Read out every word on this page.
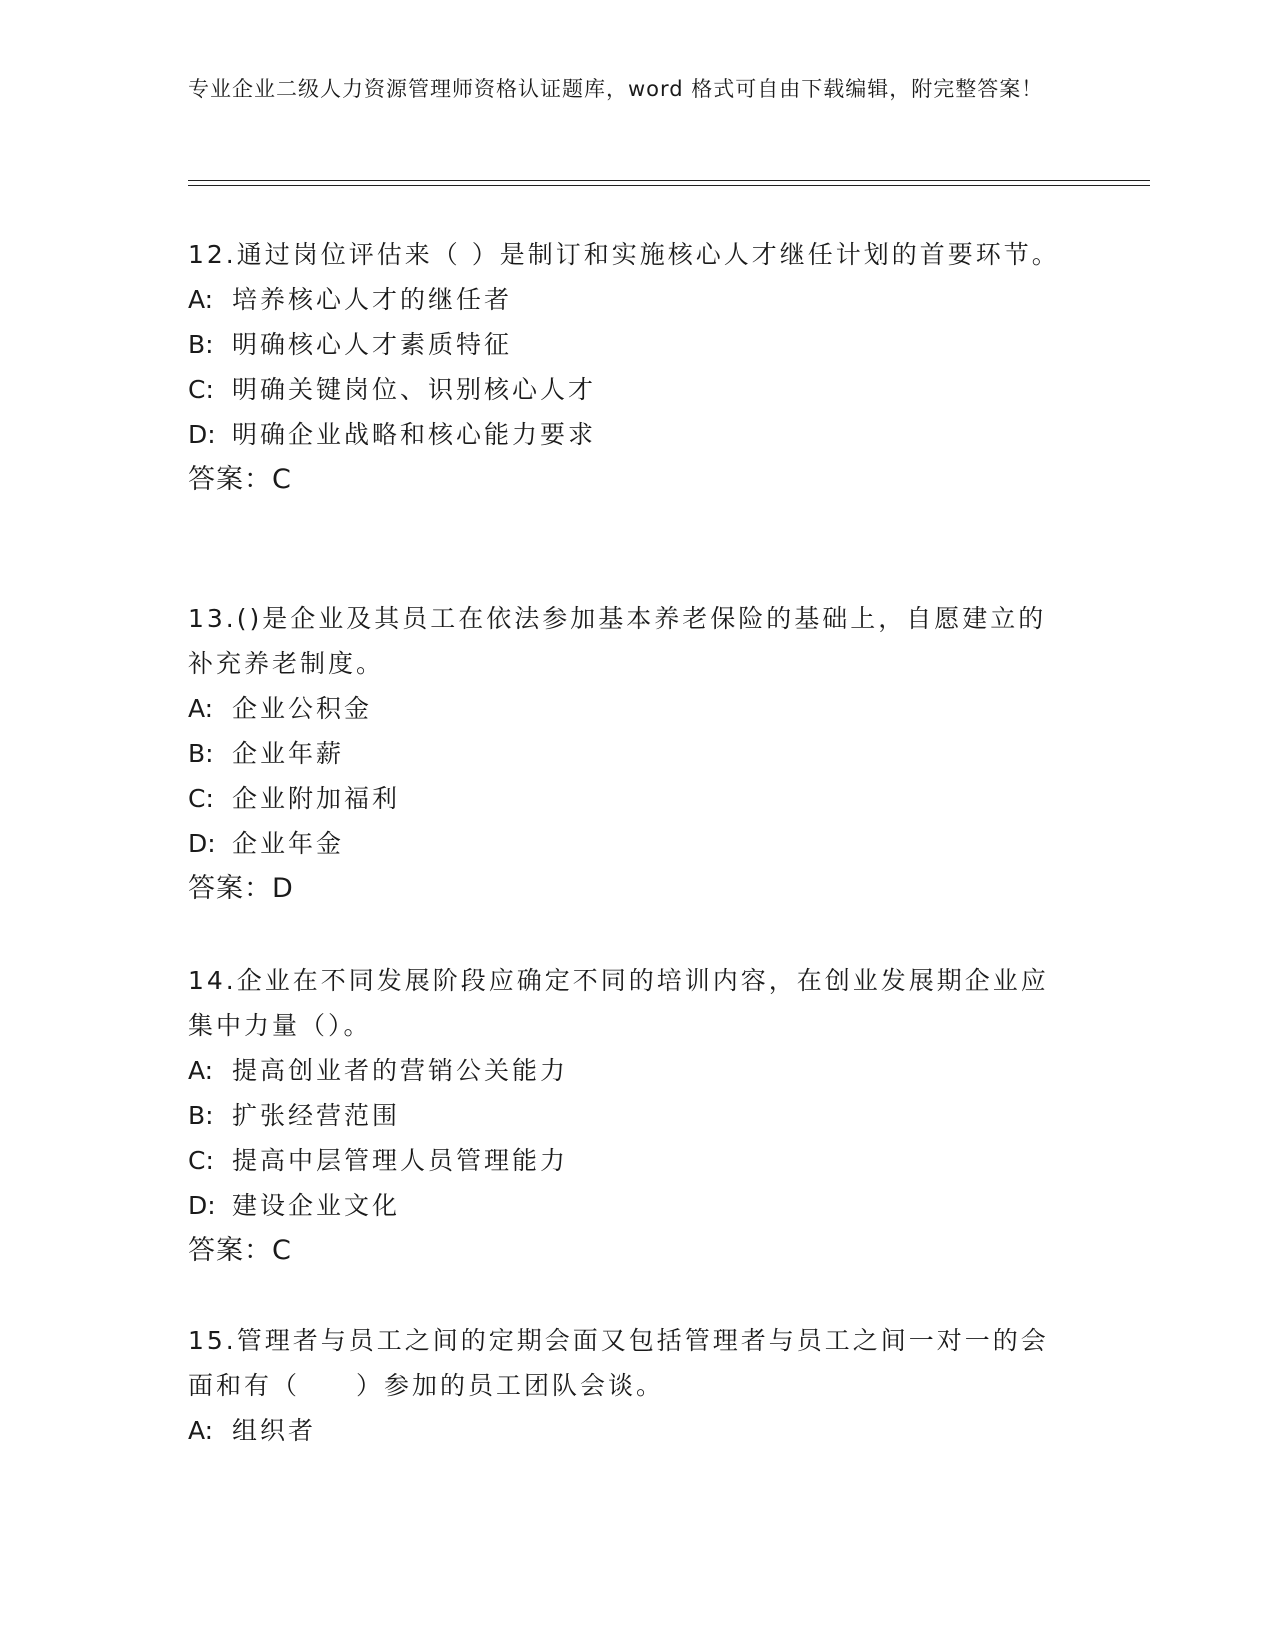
专业企业二级人力资源管理师资格认证题库，word 格式可自由下载编辑，附完整答案！

12.通过岗位评估来（ ）是制订和实施核心人才继任计划的首要环节。

A: 培养核心人才的继任者

B: 明确核心人才素质特征

C: 明确关键岗位、识别核心人才

D: 明确企业战略和核心能力要求

答案：C

13.()是企业及其员工在依法参加基本养老保险的基础上，自愿建立的补充养老制度。

A: 企业公积金

B: 企业年薪

C: 企业附加福利

D: 企业年金

答案：D

14.企业在不同发展阶段应确定不同的培训内容，在创业发展期企业应集中力量（）。

A: 提高创业者的营销公关能力

B: 扩张经营范围

C: 提高中层管理人员管理能力

D: 建设企业文化

答案：C

15.管理者与员工之间的定期会面又包括管理者与员工之间一对一的会面和有（　　）参加的员工团队会谈。

A: 组织者
